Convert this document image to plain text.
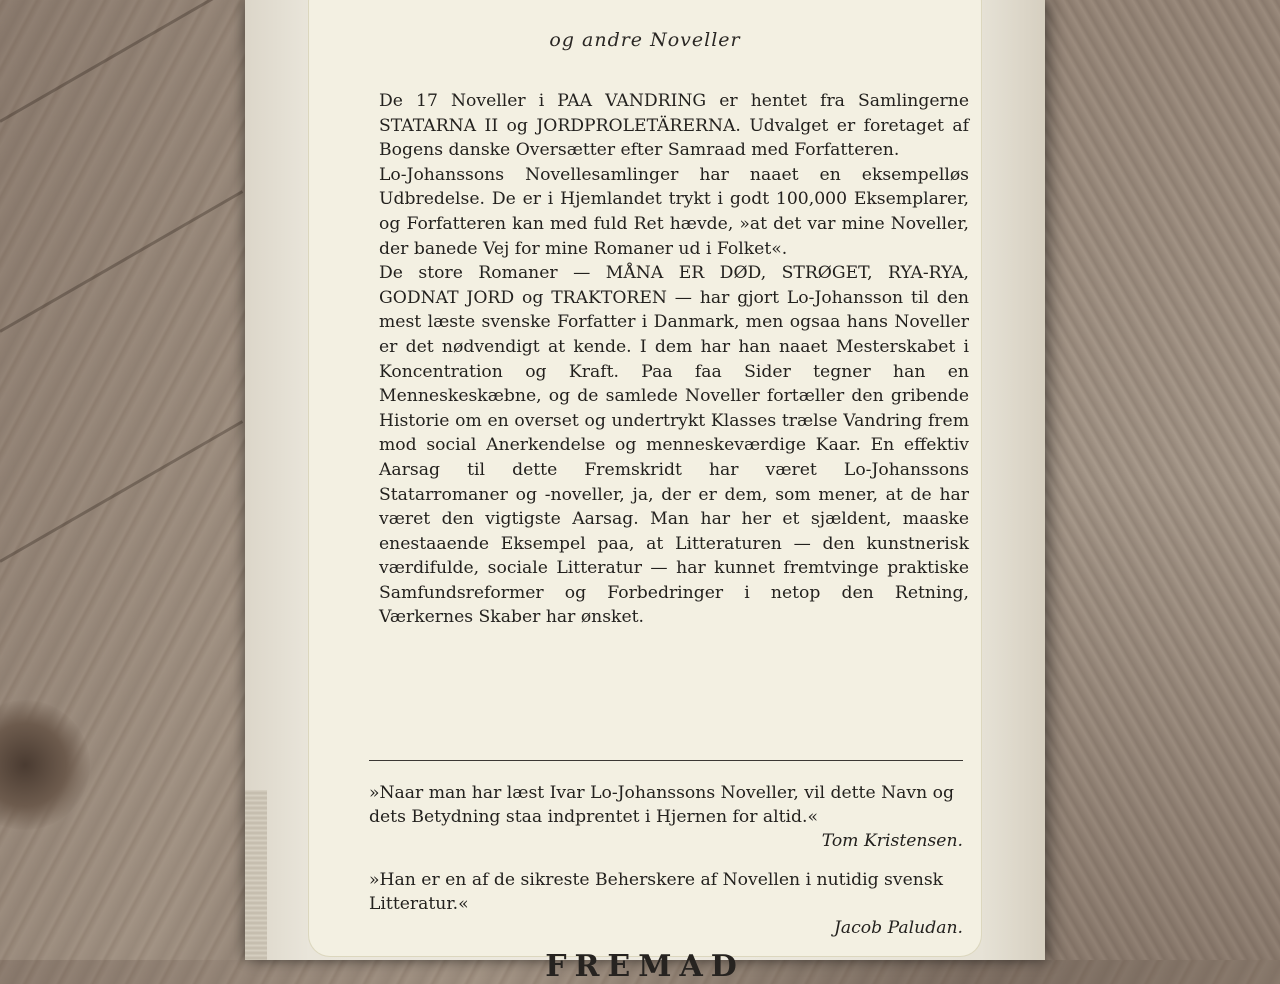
og andre Noveller

De 17 Noveller i PAA VANDRING er hentet fra Samlingerne STATARNA II og JORDPROLETÄRERNA. Udvalget er foretaget af Bogens danske Oversætter efter Samraad med Forfatteren.

Lo-Johanssons Novellesamlinger har naaet en eksempelløs Udbredelse. De er i Hjemlandet trykt i godt 100,000 Eksemplarer, og Forfatteren kan med fuld Ret hævde, »at det var mine Noveller, der banede Vej for mine Romaner ud i Folket«.

De store Romaner — MÅNA ER DØD, STRØGET, RYA-RYA, GODNAT JORD og TRAKTOREN — har gjort Lo-Johansson til den mest læste svenske Forfatter i Danmark, men ogsaa hans Noveller er det nødvendigt at kende. I dem har han naaet Mesterskabet i Koncentration og Kraft. Paa faa Sider tegner han en Menneskeskæbne, og de samlede Noveller fortæller den gribende Historie om en overset og undertrykt Klasses trælse Vandring frem mod social Anerkendelse og menneskeværdige Kaar. En effektiv Aarsag til dette Fremskridt har været Lo-Johanssons Statarromaner og -noveller, ja, der er dem, som mener, at de har været den vigtigste Aarsag. Man har her et sjældent, maaske enestaaende Eksempel paa, at Litteraturen — den kunstnerisk værdifulde, sociale Litteratur — har kunnet fremtvinge praktiske Samfundsreformer og Forbedringer i netop den Retning, Værkernes Skaber har ønsket.

»Naar man har læst Ivar Lo-Johanssons Noveller, vil dette Navn og dets Betydning staa indprentet i Hjernen for altid.«
Tom Kristensen.
»Han er en af de sikreste Beherskere af Novellen i nutidig svensk Litteratur.«
Jacob Paludan.
FREMAD
